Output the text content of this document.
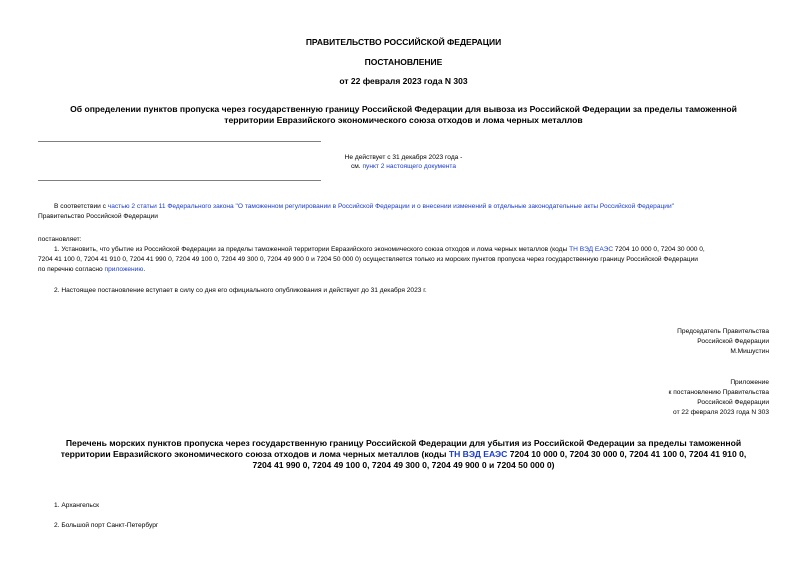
ПРАВИТЕЛЬСТВО РОССИЙСКОЙ ФЕДЕРАЦИИ
ПОСТАНОВЛЕНИЕ
от 22 февраля 2023 года N 303
Об определении пунктов пропуска через государственную границу Российской Федерации для вывоза из Российской Федерации за пределы таможенной
территории Евразийского экономического союза отходов и лома черных металлов
Не действует с 31 декабря 2023 года -
см. пункт 2 настоящего документа
В соответствии с частью 2 статьи 11 Федерального закона "О таможенном регулировании в Российской Федерации и о внесении изменений в отдельные законодательные акты Российской Федерации"
Правительство Российской Федерации
постановляет:
1. Установить, что убытие из Российской Федерации за пределы таможенной территории Евразийского экономического союза отходов и лома черных металлов (коды ТН ВЭД ЕАЭС 7204 10 000 0, 7204 30 000 0,
7204 41 100 0, 7204 41 910 0, 7204 41 990 0, 7204 49 100 0, 7204 49 300 0, 7204 49 900 0 и 7204 50 000 0) осуществляется только из морских пунктов пропуска через государственную границу Российской Федерации
по перечню согласно приложению.
2. Настоящее постановление вступает в силу со дня его официального опубликования и действует до 31 декабря 2023 г.
Председатель Правительства
Российской Федерации
М.Мишустин
Приложение
к постановлению Правительства
Российской Федерации
от 22 февраля 2023 года N 303
Перечень морских пунктов пропуска через государственную границу Российской Федерации для убытия из Российской Федерации за пределы таможенной
территории Евразийского экономического союза отходов и лома черных металлов (коды ТН ВЭД ЕАЭС 7204 10 000 0, 7204 30 000 0, 7204 41 100 0, 7204 41 910 0,
7204 41 990 0, 7204 49 100 0, 7204 49 300 0, 7204 49 900 0 и 7204 50 000 0)
1. Архангельск
2. Большой порт Санкт-Петербург
